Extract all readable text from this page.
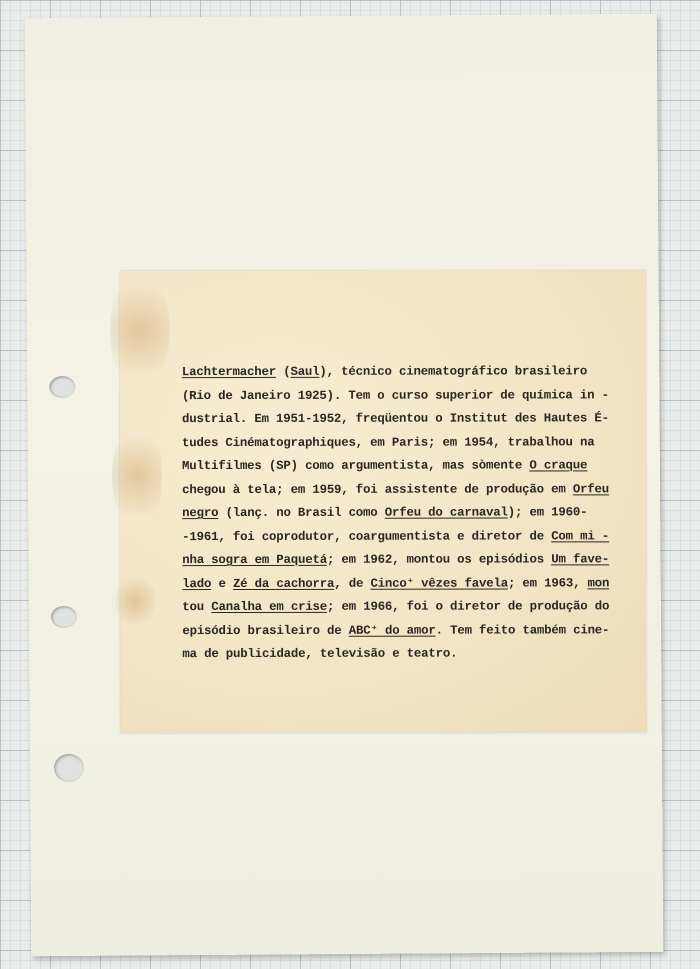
Lachtermacher (Saul), técnico cinematográfico brasileiro
(Rio de Janeiro 1925). Tem o curso superior de química in -
dustrial. Em 1951-1952, freqüentou o Institut des Hautes É-
tudes Cinématographiques, em Paris; em 1954, trabalhou na
Multifilmes (SP) como argumentista, mas sòmente O craque
chegou à tela; em 1959, foi assistente de produção em Orfeu
negro (lanç. no Brasil como Orfeu do carnaval); em 1960-
-1961, foi coprodutor, coargumentista e diretor de Com mi -
nha sogra em Paquetá; em 1962, montou os episódios Um fave-
lado e Zé da cachorra, de Cinco⁺ vêzes favela; em 1963, mon
tou Canalha em crise; em 1966, foi o diretor de produção do
episódio brasileiro de ABC⁺ do amor. Tem feito também cine-
ma de publicidade, televisão e teatro.
